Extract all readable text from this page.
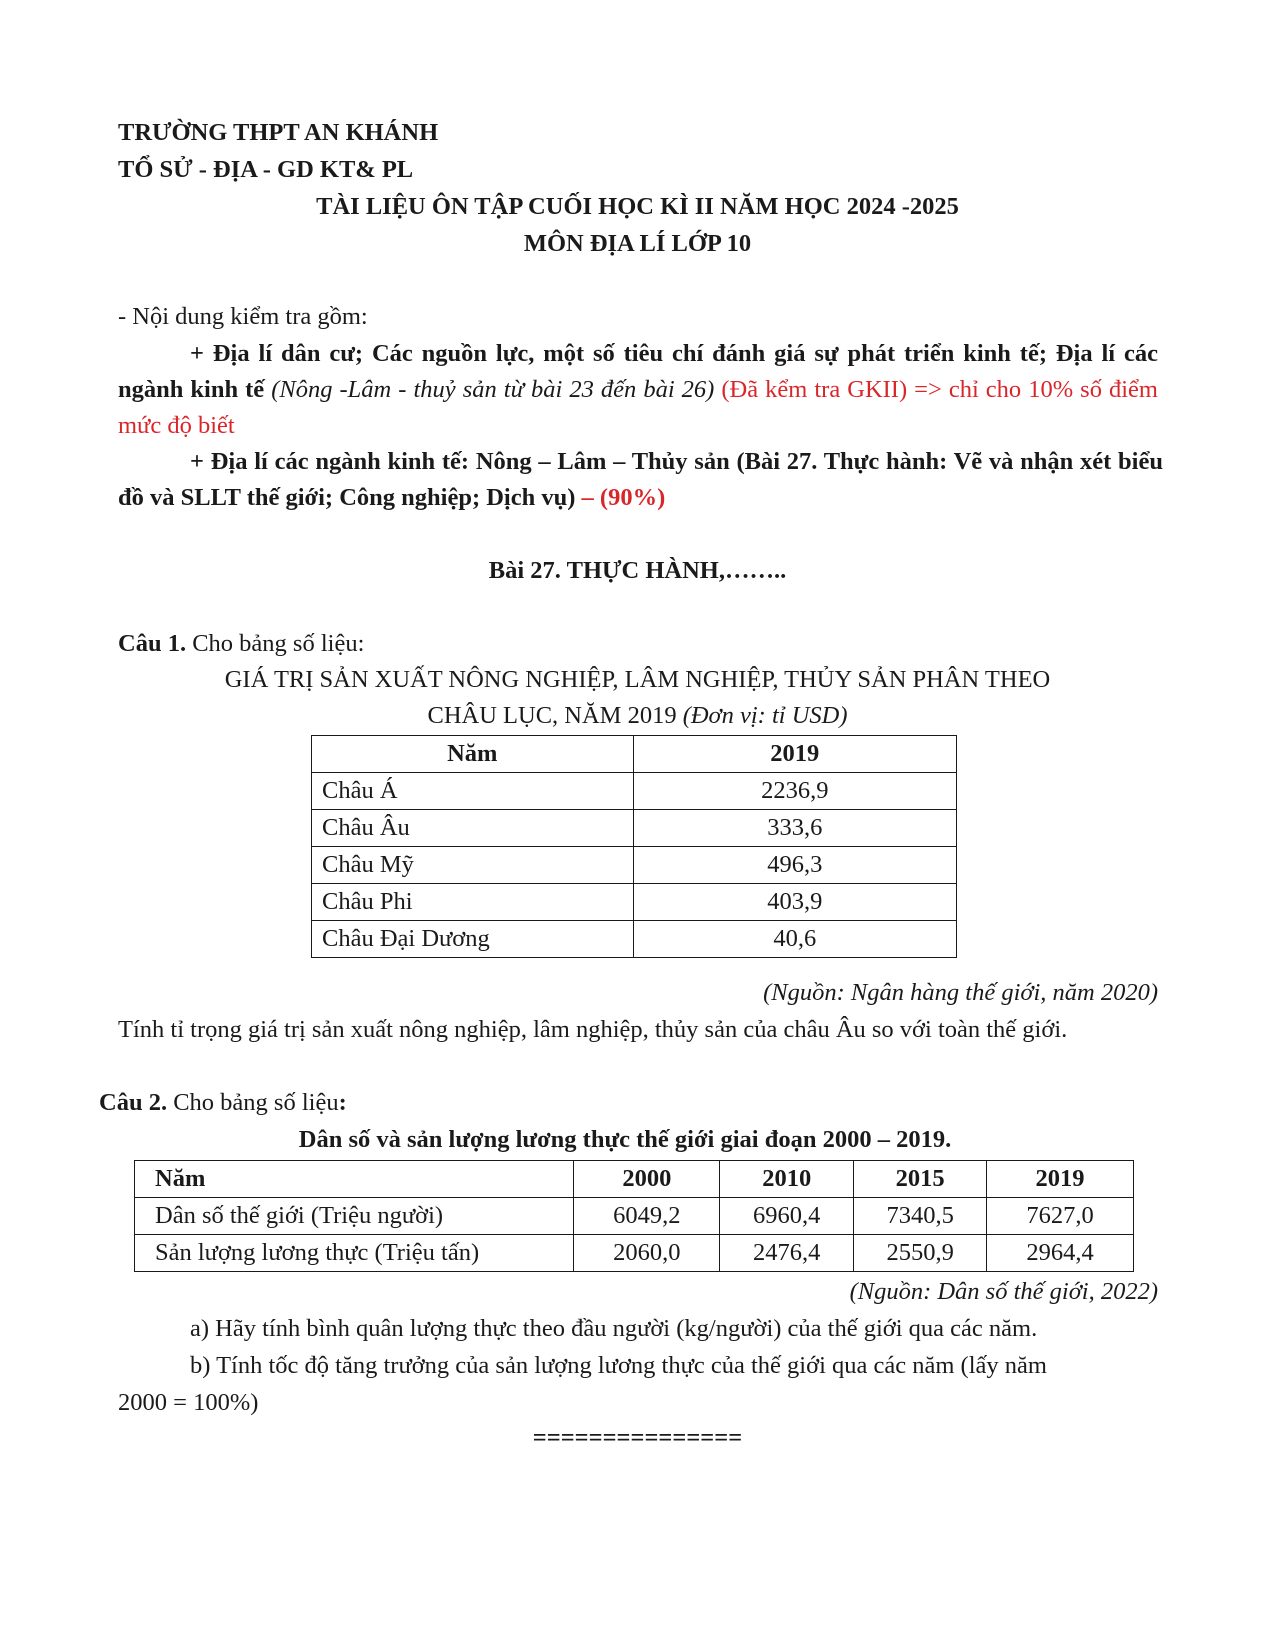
TRƯỜNG THPT AN KHÁNH
TỔ SỬ - ĐỊA - GD KT& PL
TÀI LIỆU ÔN TẬP CUỐI HỌC KÌ II NĂM HỌC 2024 -2025
MÔN ĐỊA LÍ LỚP 10
- Nội dung kiểm tra gồm:
+ Địa lí dân cư; Các nguồn lực, một số tiêu chí đánh giá sự phát triển kinh tế; Địa lí các ngành kinh tế (Nông -Lâm - thuỷ sản từ bài 23 đến bài 26) (Đã kểm tra GKII) => chỉ cho 10% số điểm mức độ biết
+ Địa lí các ngành kinh tế: Nông – Lâm – Thủy sản (Bài 27. Thực hành: Vẽ và nhận xét biểu đồ và SLLT thế giới; Công nghiệp; Dịch vụ) – (90%)
Bài 27. THỰC HÀNH,……..
Câu 1. Cho bảng số liệu:
GIÁ TRỊ SẢN XUẤT NÔNG NGHIỆP, LÂM NGHIỆP, THỦY SẢN PHÂN THEO
CHÂU LỤC, NĂM 2019 (Đơn vị: tỉ USD)
Năm	2019
Châu Á	2236,9
Châu Âu	333,6
Châu Mỹ	496,3
Châu Phi	403,9
Châu Đại Dương	40,6
(Nguồn: Ngân hàng thế giới, năm 2020)
Tính tỉ trọng giá trị sản xuất nông nghiệp, lâm nghiệp, thủy sản của châu Âu so với toàn thế giới.
Câu 2. Cho bảng số liệu:
Dân số và sản lượng lương thực thế giới giai đoạn 2000 – 2019.
Năm	2000	2010	2015	2019
Dân số thế giới (Triệu người)	6049,2	6960,4	7340,5	7627,0
Sản lượng lương thực (Triệu tấn)	2060,0	2476,4	2550,9	2964,4
(Nguồn: Dân số thế giới, 2022)
a) Hãy tính bình quân lượng thực theo đầu người (kg/người) của thế giới qua các năm.
b) Tính tốc độ tăng trưởng của sản lượng lương thực của thế giới qua các năm (lấy năm
2000 = 100%)
===============
